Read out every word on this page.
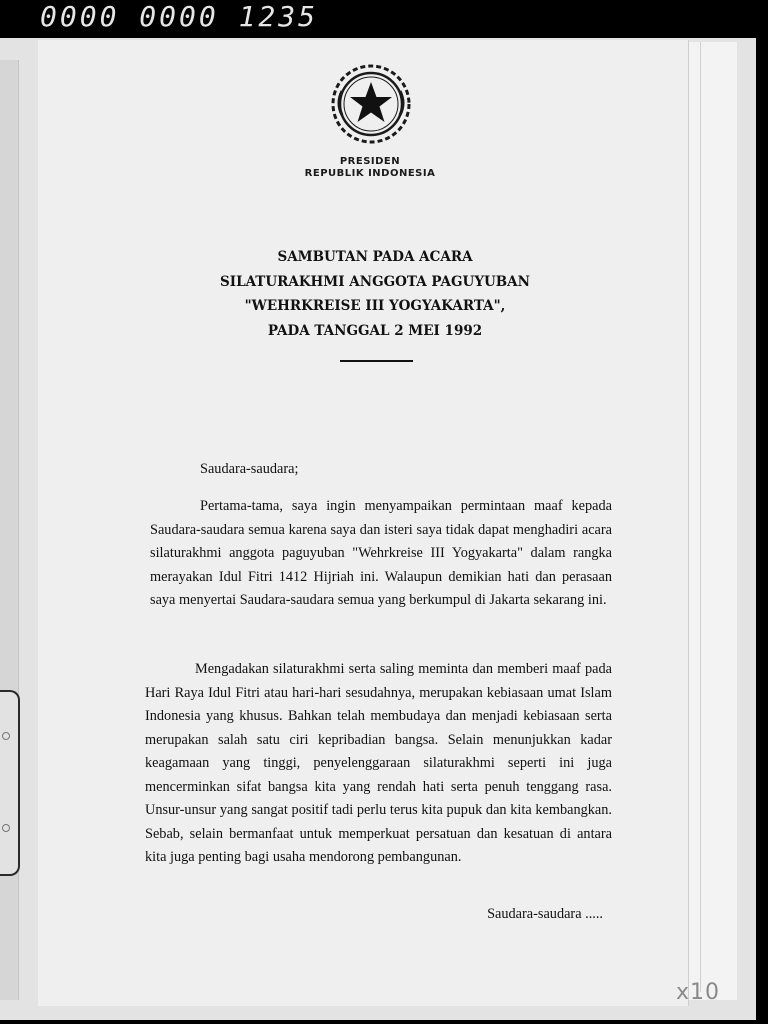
0000 0000 1235
PRESIDEN
REPUBLIK INDONESIA
SAMBUTAN PADA ACARA
SILATURAKHMI ANGGOTA PAGUYUBAN
"WEHRKREISE III YOGYAKARTA",
PADA TANGGAL 2 MEI 1992
Saudara-saudara;
Pertama-tama, saya ingin menyampaikan permintaan maaf kepada Saudara-saudara semua karena saya dan isteri saya tidak dapat menghadiri acara silaturakhmi anggota paguyuban "Wehrkreise III Yogyakarta" dalam rangka merayakan Idul Fitri 1412 Hijriah ini. Walaupun demikian hati dan perasaan saya menyertai Saudara-saudara semua yang berkumpul di Jakarta sekarang ini.
Mengadakan silaturakhmi serta saling meminta dan memberi maaf pada Hari Raya Idul Fitri atau hari-hari sesudahnya, merupakan kebiasaan umat Islam Indonesia yang khusus. Bahkan telah membudaya dan menjadi kebiasaan serta merupakan salah satu ciri kepribadian bangsa. Selain menunjukkan kadar keagamaan yang tinggi, penyelenggaraan silaturakhmi seperti ini juga mencerminkan sifat bangsa kita yang rendah hati serta penuh tenggang rasa. Unsur-unsur yang sangat positif tadi perlu terus kita pupuk dan kita kembangkan. Sebab, selain bermanfaat untuk memperkuat persatuan dan kesatuan di antara kita juga penting bagi usaha mendorong pembangunan.
Saudara-saudara .....
x10
